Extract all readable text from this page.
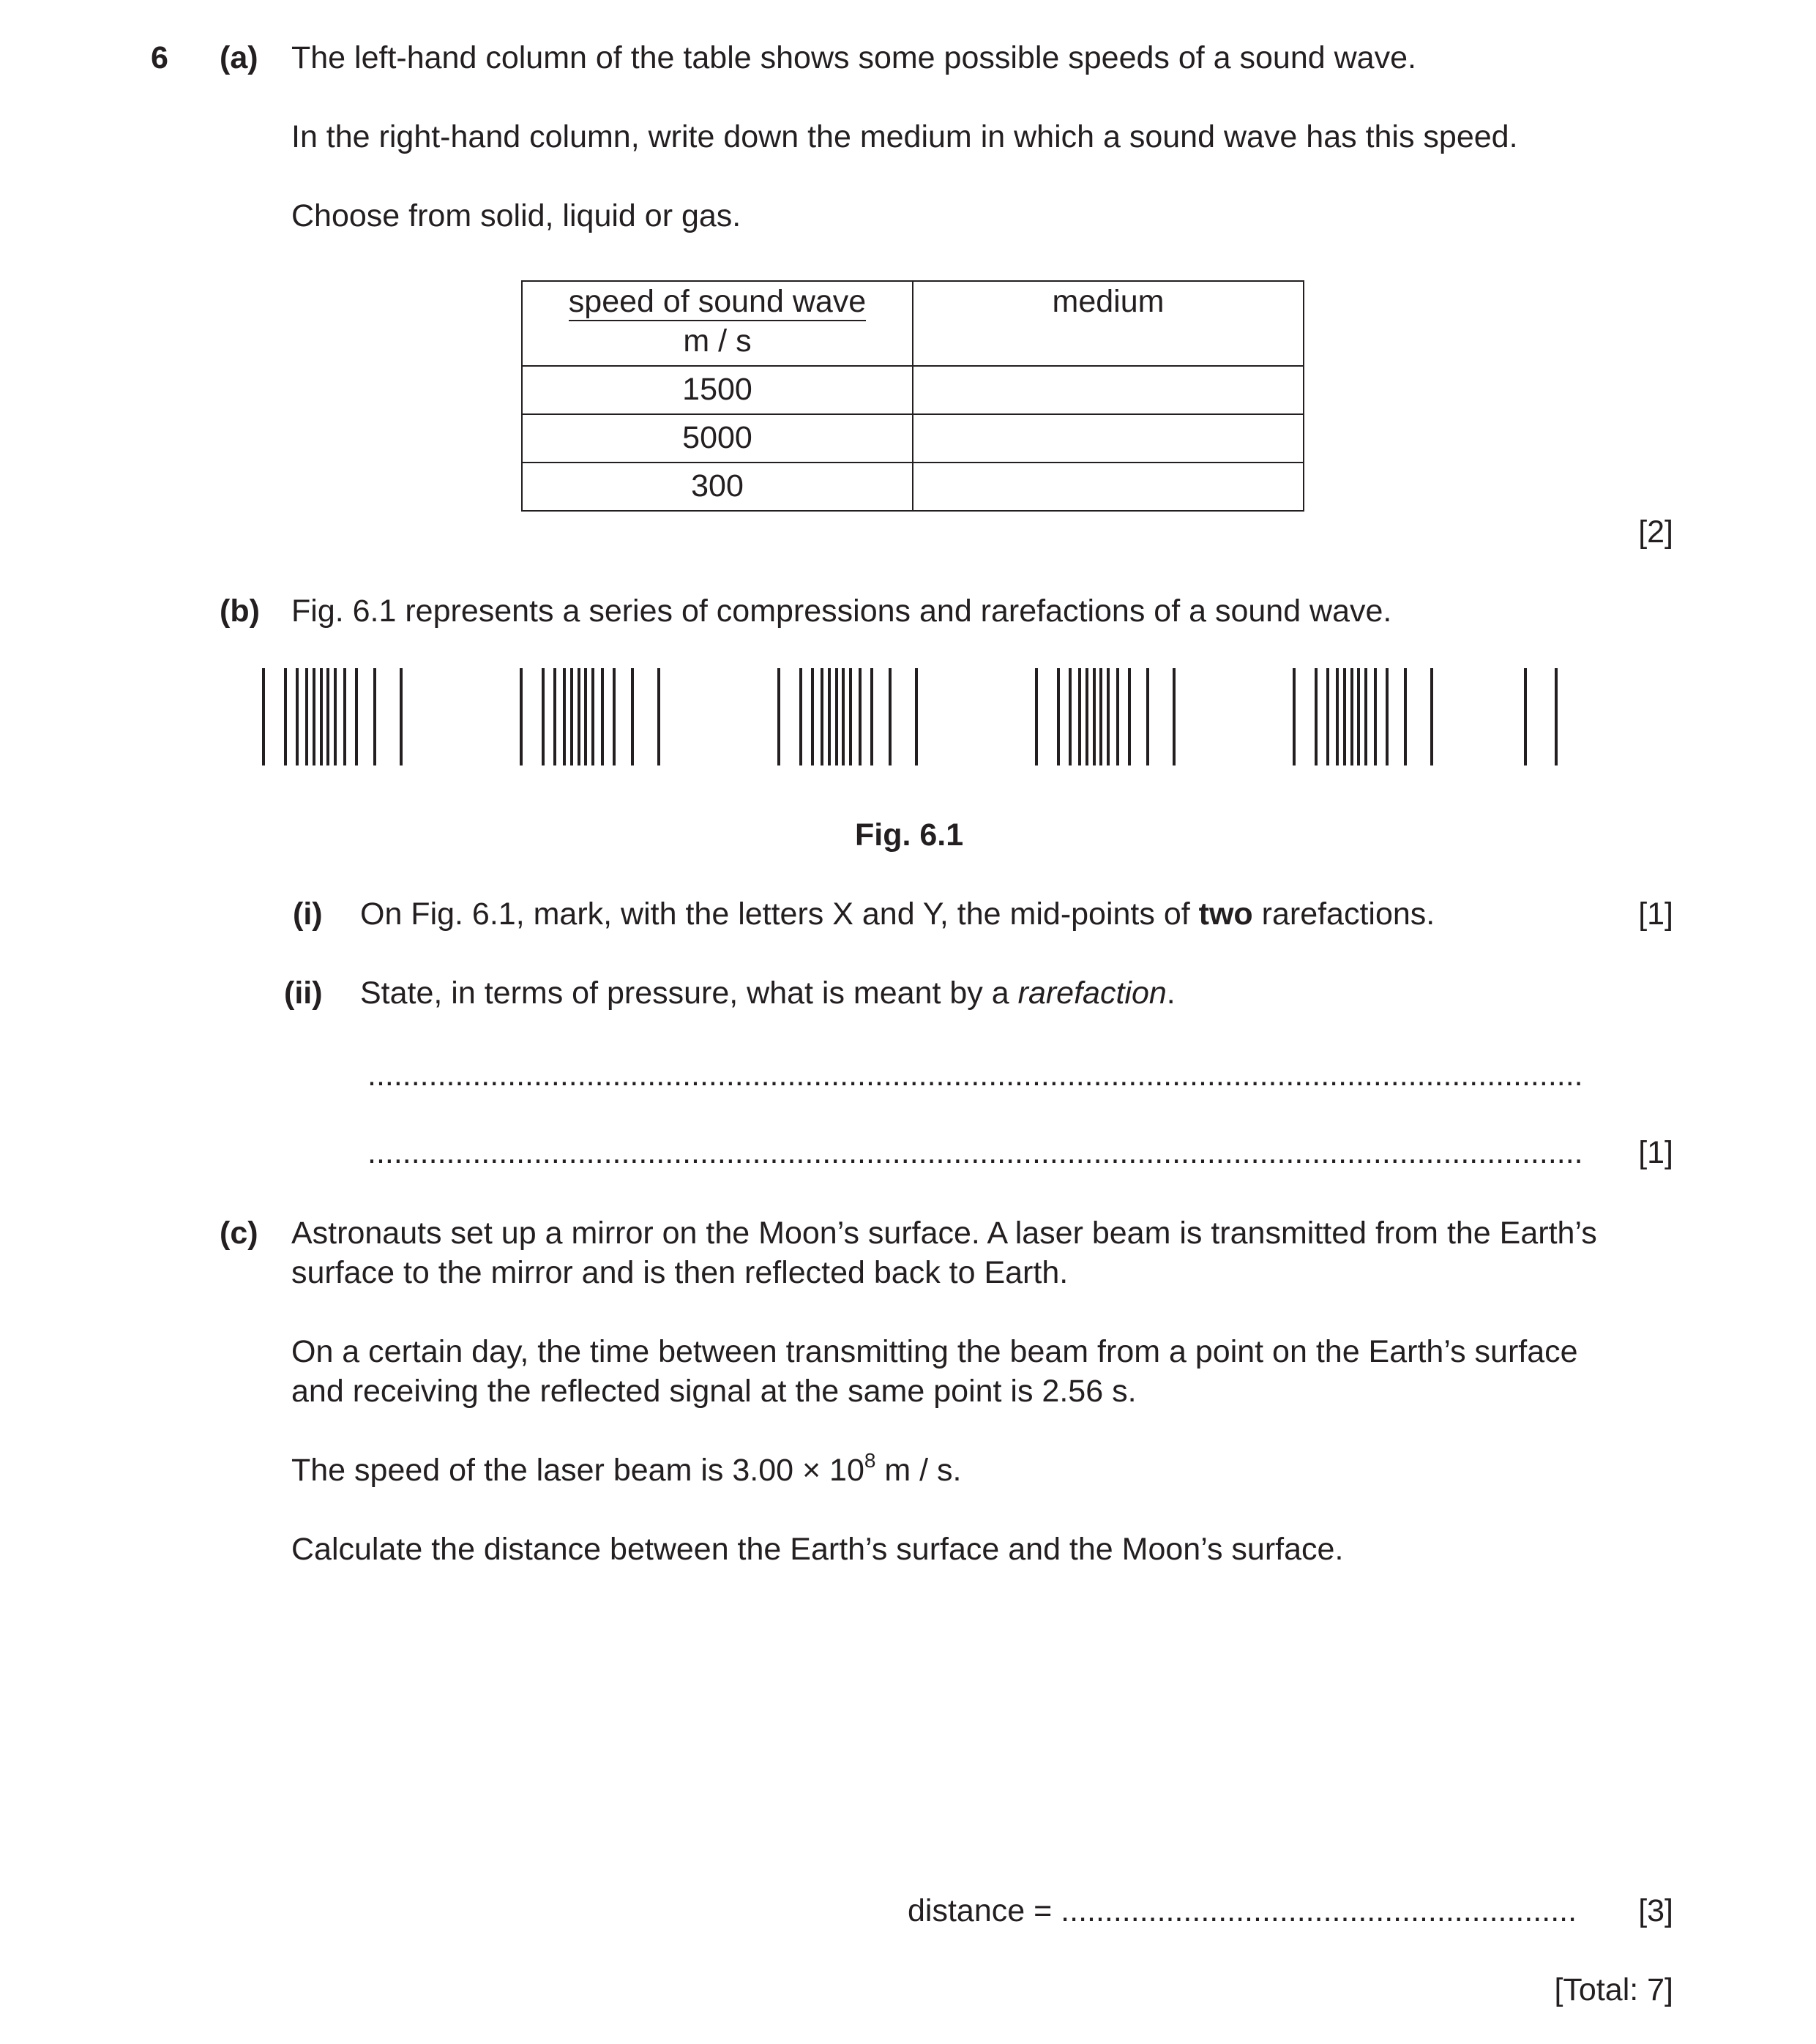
6 (a) The left-hand column of the table shows some possible speeds of a sound wave.
In the right-hand column, write down the medium in which a sound wave has this speed.
Choose from solid, liquid or gas.
speed of sound wave
m / s	medium
1500	
5000	
300	
[2]
(b) Fig. 6.1 represents a series of compressions and rarefactions of a sound wave.
Fig. 6.1
(i) On Fig. 6.1, mark, with the letters X and Y, the mid-points of two rarefactions.	[1]
(ii) State, in terms of pressure, what is meant by a rarefaction.
...........................................................................................................................................
...........................................................................................................................................	[1]
(c) Astronauts set up a mirror on the Moon’s surface. A laser beam is transmitted from the Earth’s
surface to the mirror and is then reflected back to Earth.
On a certain day, the time between transmitting the beam from a point on the Earth’s surface
and receiving the reflected signal at the same point is 2.56 s.
The speed of the laser beam is $3.00 \times 10^8$ m / s.
Calculate the distance between the Earth’s surface and the Moon’s surface.
distance = ........................................................... [3]
[Total: 7]
